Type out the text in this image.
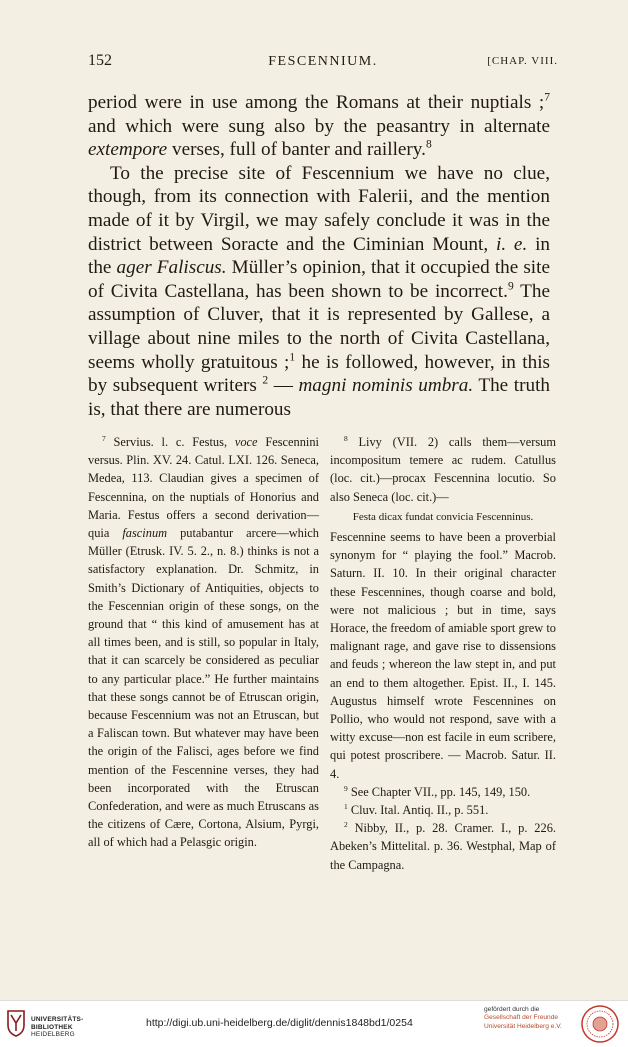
152	FESCENNIUM.	[CHAP. VIII.

period were in use among the Romans at their nuptials ;$^7$ and which were sung also by the peasantry in alternate extempore verses, full of banter and raillery.$^8$

To the precise site of Fescennium we have no clue, though, from its connection with Falerii, and the mention made of it by Virgil, we may safely conclude it was in the district between Soracte and the Ciminian Mount, i. e. in the ager Faliscus. Müller’s opinion, that it occupied the site of Civita Castellana, has been shown to be incorrect.$^9$ The assumption of Cluver, that it is represented by Gallese, a village about nine miles to the north of Civita Castellana, seems wholly gratuitous ;$^1$ he is followed, however, in this by subsequent writers $^2$ — magni nominis umbra. The truth is, that there are numerous

$^7$ Servius. l. c. Festus, voce Fescennini versus. Plin. XV. 24. Catul. LXI. 126. Seneca, Medea, 113. Claudian gives a specimen of Fescennina, on the nuptials of Honorius and Maria. Festus offers a second derivation—quia fascinum putabantur arcere—which Müller (Etrusk. IV. 5. 2., n. 8.) thinks is not a satisfactory explanation. Dr. Schmitz, in Smith’s Dictionary of Antiquities, objects to the Fescennian origin of these songs, on the ground that “ this kind of amusement has at all times been, and is still, so popular in Italy, that it can scarcely be considered as peculiar to any particular place.” He further maintains that these songs cannot be of Etruscan origin, because Fescennium was not an Etruscan, but a Faliscan town. But whatever may have been the origin of the Falisci, ages before we find mention of the Fescennine verses, they had been incorporated with the Etruscan Confederation, and were as much Etruscans as the citizens of Cære, Cortona, Alsium, Pyrgi, all of which had a Pelasgic origin.

$^8$ Livy (VII. 2) calls them—versum incompositum temere ac rudem. Catullus (loc. cit.)—procax Fescennina locutio. So also Seneca (loc. cit.)—

Festa dicax fundat convicia Fescenninus.

Fescennine seems to have been a proverbial synonym for “ playing the fool.” Macrob. Saturn. II. 10. In their original character these Fescennines, though coarse and bold, were not malicious ; but in time, says Horace, the freedom of amiable sport grew to malignant rage, and gave rise to dissensions and feuds ; whereon the law stept in, and put an end to them altogether. Epist. II., I. 145. Augustus himself wrote Fescennines on Pollio, who would not respond, save with a witty excuse—non est facile in eum scribere, qui potest proscribere. — Macrob. Satur. II. 4.

$^9$ See Chapter VII., pp. 145, 149, 150.

$^1$ Cluv. Ital. Antiq. II., p. 551.

$^2$ Nibby, II., p. 28. Cramer. I., p. 226. Abeken’s Mittelital. p. 36. Westphal, Map of the Campagna.

UNIVERSITÄTS-
BIBLIOTHEK
HEIDELBERG
http://digi.ub.uni-heidelberg.de/diglit/dennis1848bd1/0254
gefördert durch die
Gesellschaft der Freunde
Universität Heidelberg e.V.
